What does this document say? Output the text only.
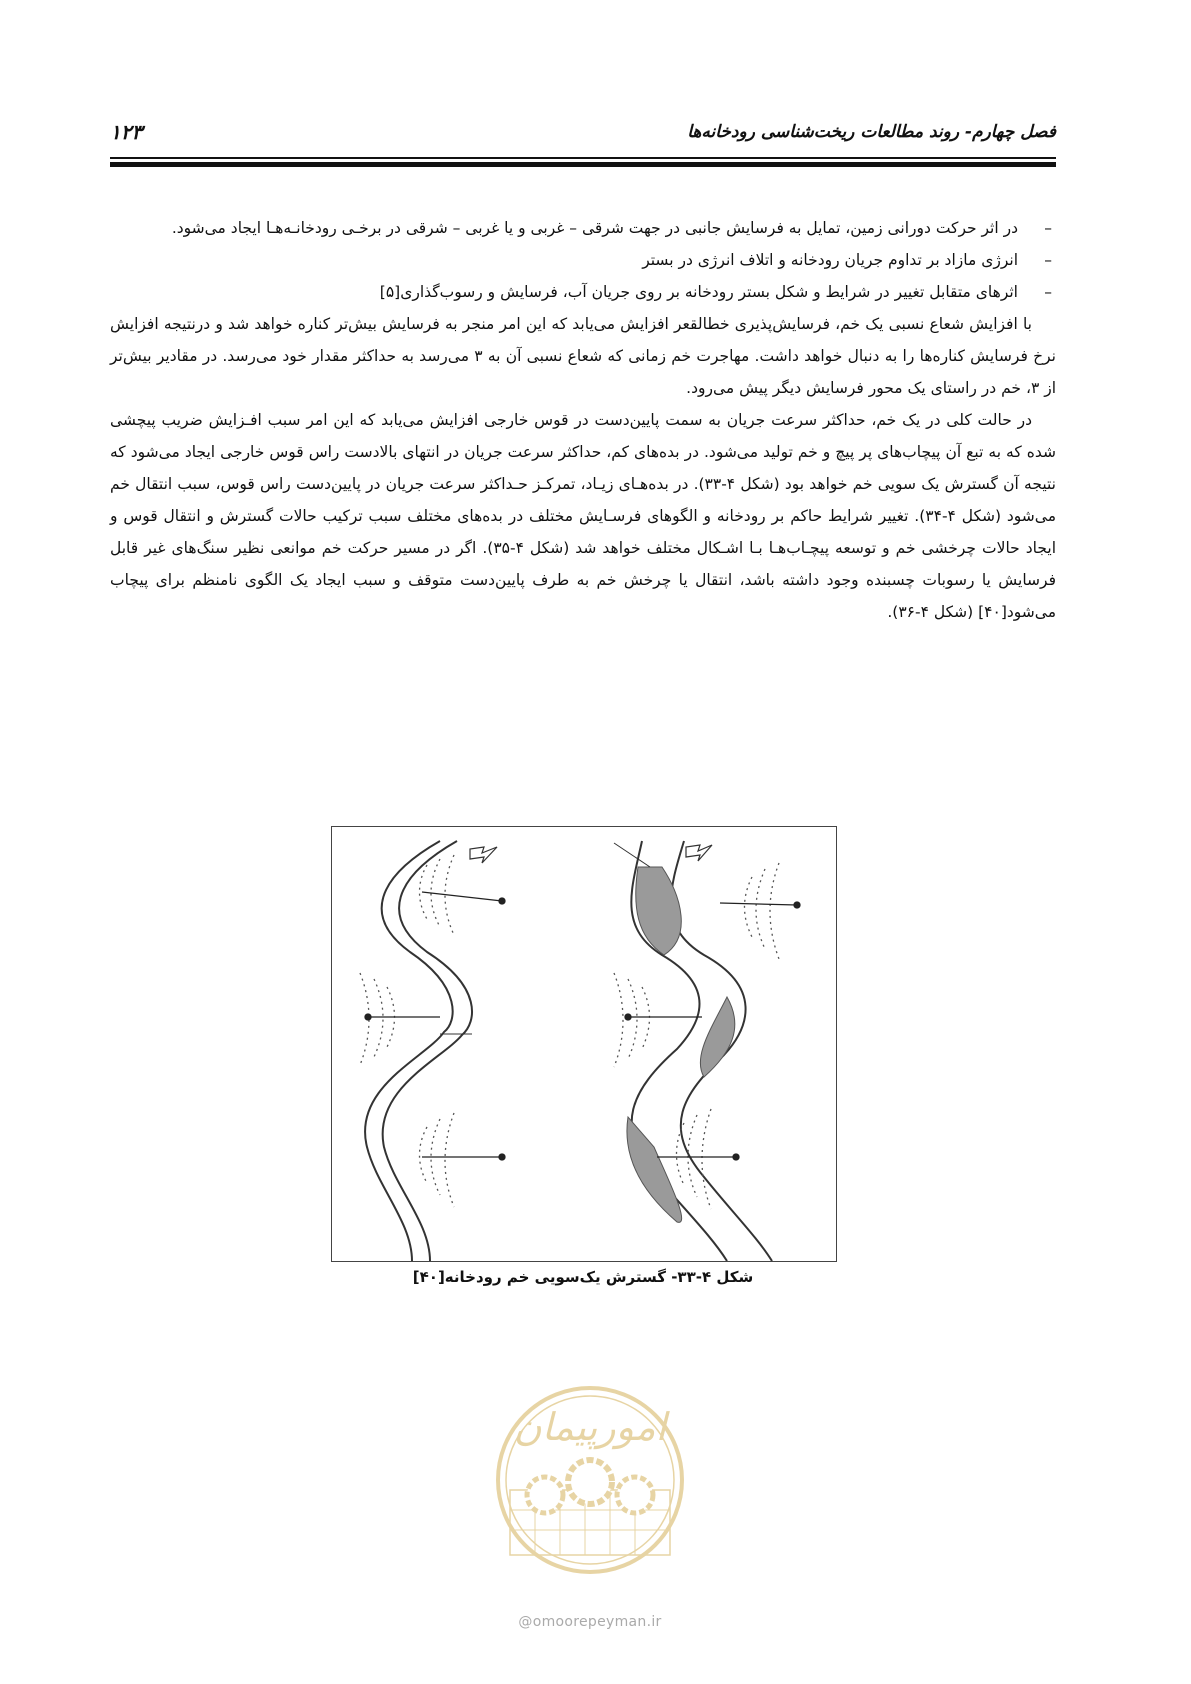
فصل چهارم- روند مطالعات ریخت‌شناسی رودخانه‌ها
۱۲۳

–
در اثر حرکت دورانی زمین، تمایل به فرسایش جانبی در جهت شرقی – غربی و یا غربی – شرقی در برخـی رودخانـه‌هـا ایجاد می‌شود.

–
انرژی مازاد بر تداوم جریان رودخانه و اتلاف انرژی در بستر

–
اثرهای متقابل تغییر در شرایط و شکل بستر رودخانه بر روی جریان آب، فرسایش و رسوب‌گذاری[۵]

با افزایش شعاع نسبی یک خم، فرسایش‌پذیری خطالقعر افزایش می‌یابد که این امر منجر به فرسایش بیش‌تر کناره خواهد شد و درنتیجه افزایش نرخ فرسایش کناره‌ها را به دنبال خواهد داشت. مهاجرت خم زمانی که شعاع نسبی آن به ۳ می‌رسد به حداکثر مقدار خود می‌رسد. در مقادیر بیش‌تر از ۳، خم در راستای یک محور فرسایش دیگر پیش می‌رود.

در حالت کلی در یک خم، حداکثر سرعت جریان به سمت پایین‌دست در قوس خارجی افزایش می‌یابد که این امر سبب افـزایش ضریب پیچشی شده که به تبع آن پیچاب‌های پر پیچ و خم تولید می‌شود. در بده‌های کم، حداکثر سرعت جریان در انتهای بالادست راس قوس خارجی ایجاد می‌شود که نتیجه آن گسترش یک سویی خم خواهد بود (شکل ۴-۳۳). در بده‌هـای زیـاد، تمرکـز حـداکثر سرعت جریان در پایین‌دست راس قوس، سبب انتقال خم می‌شود (شکل ۴-۳۴). تغییر شرایط حاکم بر رودخانه و الگوهای فرسـایش مختلف در بده‌های مختلف سبب ترکیب حالات گسترش و انتقال قوس و ایجاد حالات چرخشی خم و توسعه پیچـاب‌هـا بـا اشـکال مختلف خواهد شد (شکل ۴-۳۵). اگر در مسیر حرکت خم موانعی نظیر سنگ‌های غیر قابل فرسایش یا رسوبات چسبنده وجود داشته باشد، انتقال یا چرخش خم به طرف پایین‌دست متوقف و سبب ایجاد یک الگوی نامنظم برای پیچاب می‌شود[۴۰] (شکل ۴-۳۶).

شکل ۴-۳۳- گسترش یک‌سویی خم رودخانه[۴۰]
امورپیمان
@omoorepeyman.ir
